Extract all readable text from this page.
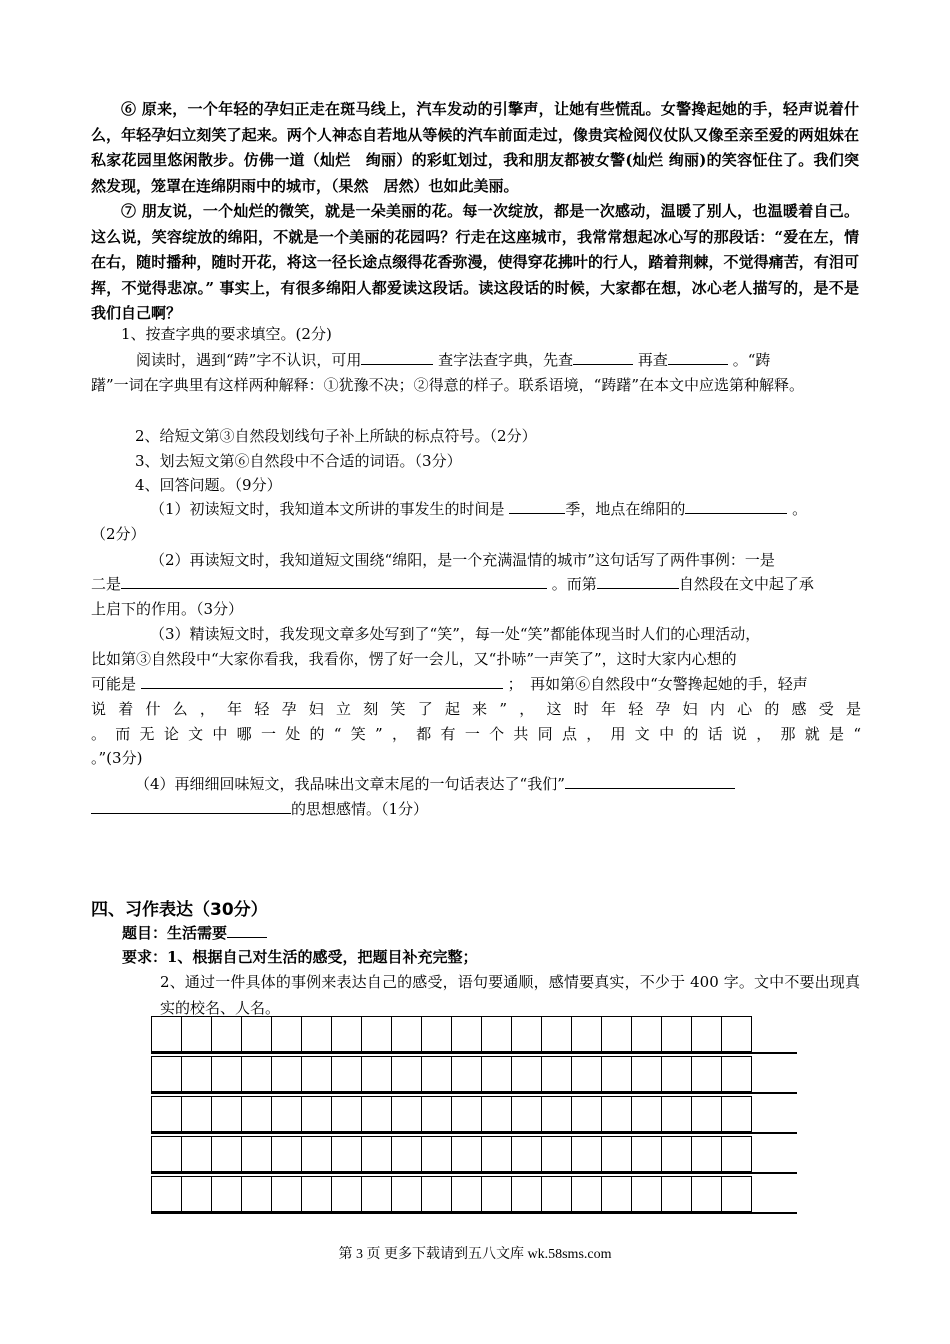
⑥ 原来，一个年轻的孕妇正走在斑马线上，汽车发动的引擎声，让她有些慌乱。女警搀起她的手，轻声说着什么，年轻孕妇立刻笑了起来。两个人神态自若地从等候的汽车前面走过，像贵宾检阅仪仗队又像至亲至爱的两姐妹在私家花园里悠闲散步。仿佛一道（灿烂　绚丽）的彩虹划过，我和朋友都被女警(灿烂 绚丽)的笑容怔住了。我们突然发现，笼罩在连绵阴雨中的城市，（果然　居然）也如此美丽。
⑦ 朋友说，一个灿烂的微笑，就是一朵美丽的花。每一次绽放，都是一次感动，温暖了别人，也温暖着自己。这么说，笑容绽放的绵阳，不就是一个美丽的花园吗？行走在这座城市，我常常想起冰心写的那段话：“爱在左，情在右，随时播种，随时开花，将这一径长途点缀得花香弥漫，使得穿花拂叶的行人，踏着荆棘，不觉得痛苦，有泪可挥，不觉得悲凉。” 事实上，有很多绵阳人都爱读这段话。读这段话的时候，大家都在想，冰心老人描写的，是不是我们自己啊？
1、按查字典的要求填空。(2分)
阅读时，遇到“踌”字不认识，可用	查字法查字典，先查	再查	。“踌
躇”一词在字典里有这样两种解释：①犹豫不决；②得意的样子。联系语境，“踌躇”在本文中应选第种解释。
2、给短文第③自然段划线句子补上所缺的标点符号。（2分）
3、划去短文第⑥自然段中不合适的词语。（3分）
4、回答问题。（9分）
（1）初读短文时，我知道本文所讲的事发生的时间是	季，地点在绵阳的	。
（2分）
（2）再读短文时，我知道短文围绕“绵阳，是一个充满温情的城市”这句话写了两件事例：一是
二是	。而第	自然段在文中起了承
上启下的作用。（3分）
（3）精读短文时，我发现文章多处写到了“笑”，每一处“笑”都能体现当时人们的心理活动，
比如第③自然段中“大家你看我，我看你，愣了好一会儿，又“扑哧”一声笑了”，这时大家内心想的
可能是	；　再如第⑥自然段中“女警搀起她的手，轻声
说着什么，年轻孕妇立刻笑了起来”，这时年轻孕妇内心的感受是
。而无论文中哪一处的“笑”，都有一个共同点，用文中的话说，那就是“
。”(3分)
（4）再细细回味短文，我品味出文章末尾的一句话表达了“我们”
的思想感情。（1分）
四、习作表达（30分）
题目：生活需要
要求：1、根据自己对生活的感受，把题目补充完整；
2、通过一件具体的事例来表达自己的感受，语句要通顺，感情要真实，不少于 400 字。文中不要出现真实的校名、人名。
第 3 页 更多下载请到五八文库 wk.58sms.com
